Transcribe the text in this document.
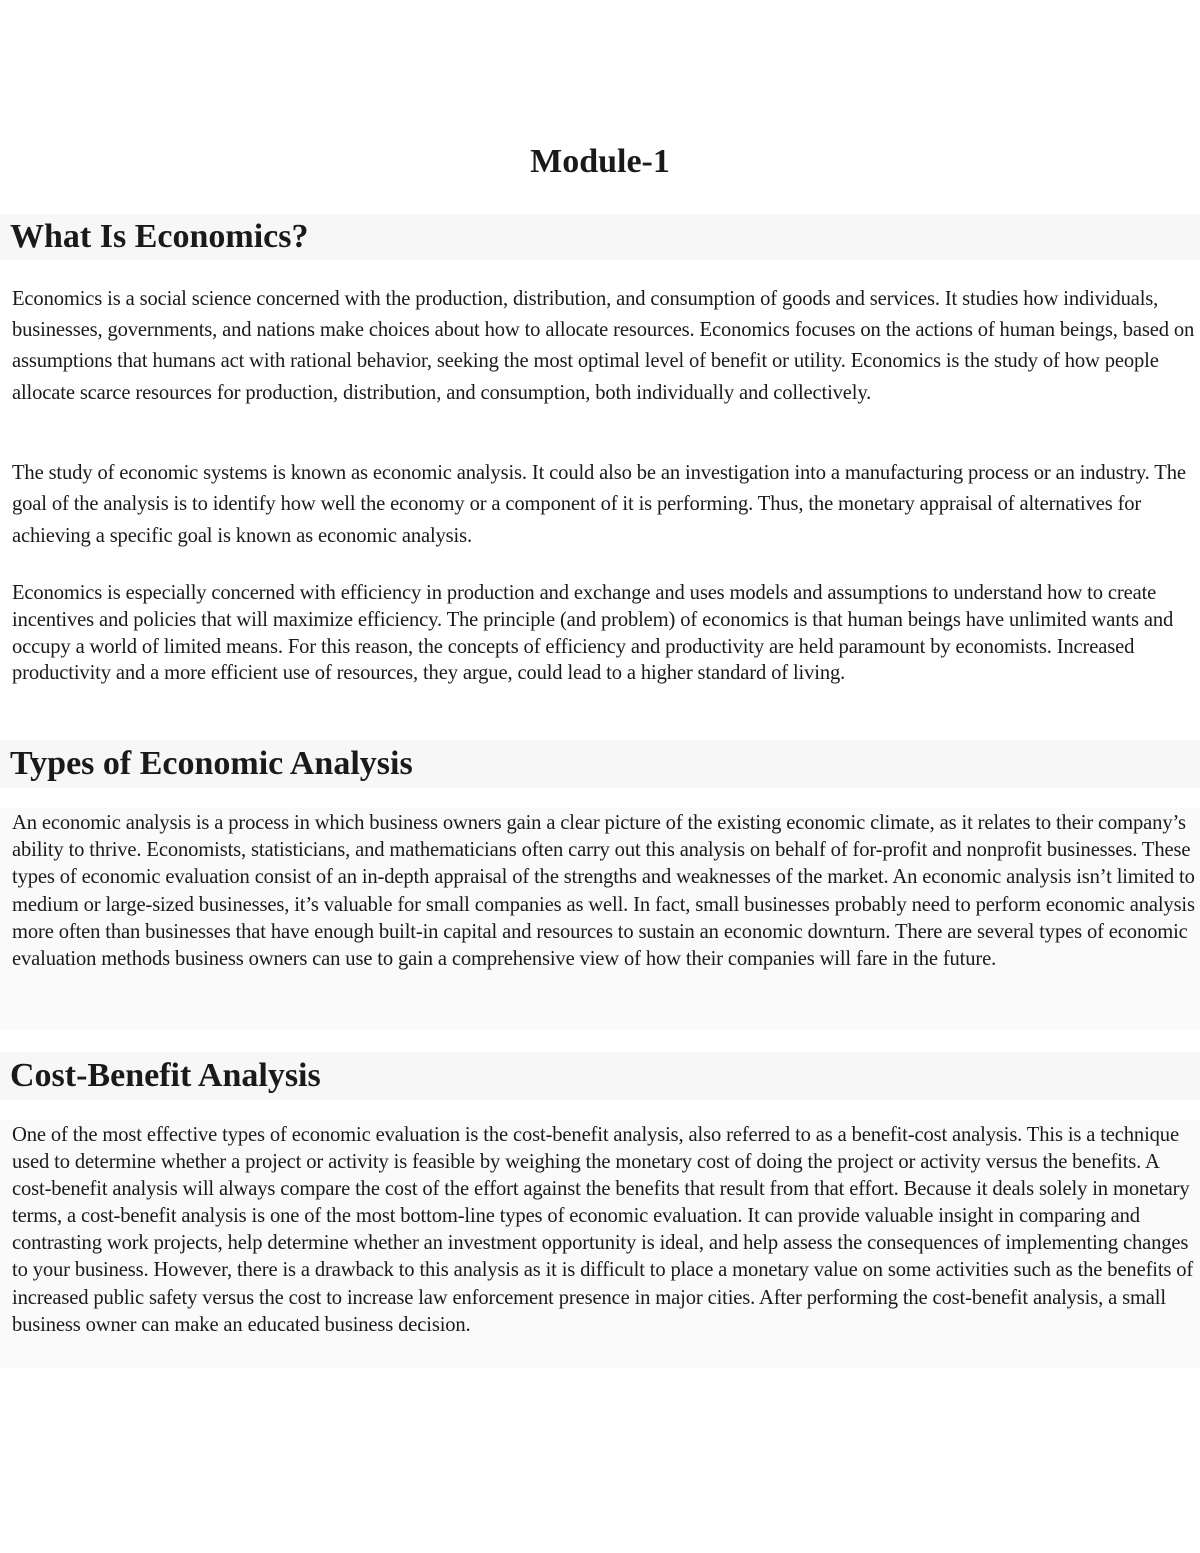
Module-1
What Is Economics?

Economics is a social science concerned with the production, distribution, and consumption of goods and services. It studies how individuals, businesses, governments, and nations make choices about how to allocate resources. Economics focuses on the actions of human beings, based on assumptions that humans act with rational behavior, seeking the most optimal level of benefit or utility. Economics is the study of how people allocate scarce resources for production, distribution, and consumption, both individually and collectively.

The study of economic systems is known as economic analysis. It could also be an investigation into a manufacturing process or an industry. The goal of the analysis is to identify how well the economy or a component of it is performing. Thus, the monetary appraisal of alternatives for achieving a specific goal is known as economic analysis.

Economics is especially concerned with efficiency in production and exchange and uses models and assumptions to understand how to create incentives and policies that will maximize efficiency. The principle (and problem) of economics is that human beings have unlimited wants and occupy a world of limited means. For this reason, the concepts of efficiency and productivity are held paramount by economists. Increased productivity and a more efficient use of resources, they argue, could lead to a higher standard of living.

Types of Economic Analysis

An economic analysis is a process in which business owners gain a clear picture of the existing economic climate, as it relates to their company’s ability to thrive. Economists, statisticians, and mathematicians often carry out this analysis on behalf of for-profit and nonprofit businesses. These types of economic evaluation consist of an in-depth appraisal of the strengths and weaknesses of the market. An economic analysis isn’t limited to medium or large-sized businesses, it’s valuable for small companies as well. In fact, small businesses probably need to perform economic analysis more often than businesses that have enough built-in capital and resources to sustain an economic downturn. There are several types of economic evaluation methods business owners can use to gain a comprehensive view of how their companies will fare in the future.

Cost-Benefit Analysis

One of the most effective types of economic evaluation is the cost-benefit analysis, also referred to as a benefit-cost analysis. This is a technique used to determine whether a project or activity is feasible by weighing the monetary cost of doing the project or activity versus the benefits. A cost-benefit analysis will always compare the cost of the effort against the benefits that result from that effort. Because it deals solely in monetary terms, a cost-benefit analysis is one of the most bottom-line types of economic evaluation. It can provide valuable insight in comparing and contrasting work projects, help determine whether an investment opportunity is ideal, and help assess the consequences of implementing changes to your business. However, there is a drawback to this analysis as it is difficult to place a monetary value on some activities such as the benefits of increased public safety versus the cost to increase law enforcement presence in major cities. After performing the cost-benefit analysis, a small business owner can make an educated business decision.
